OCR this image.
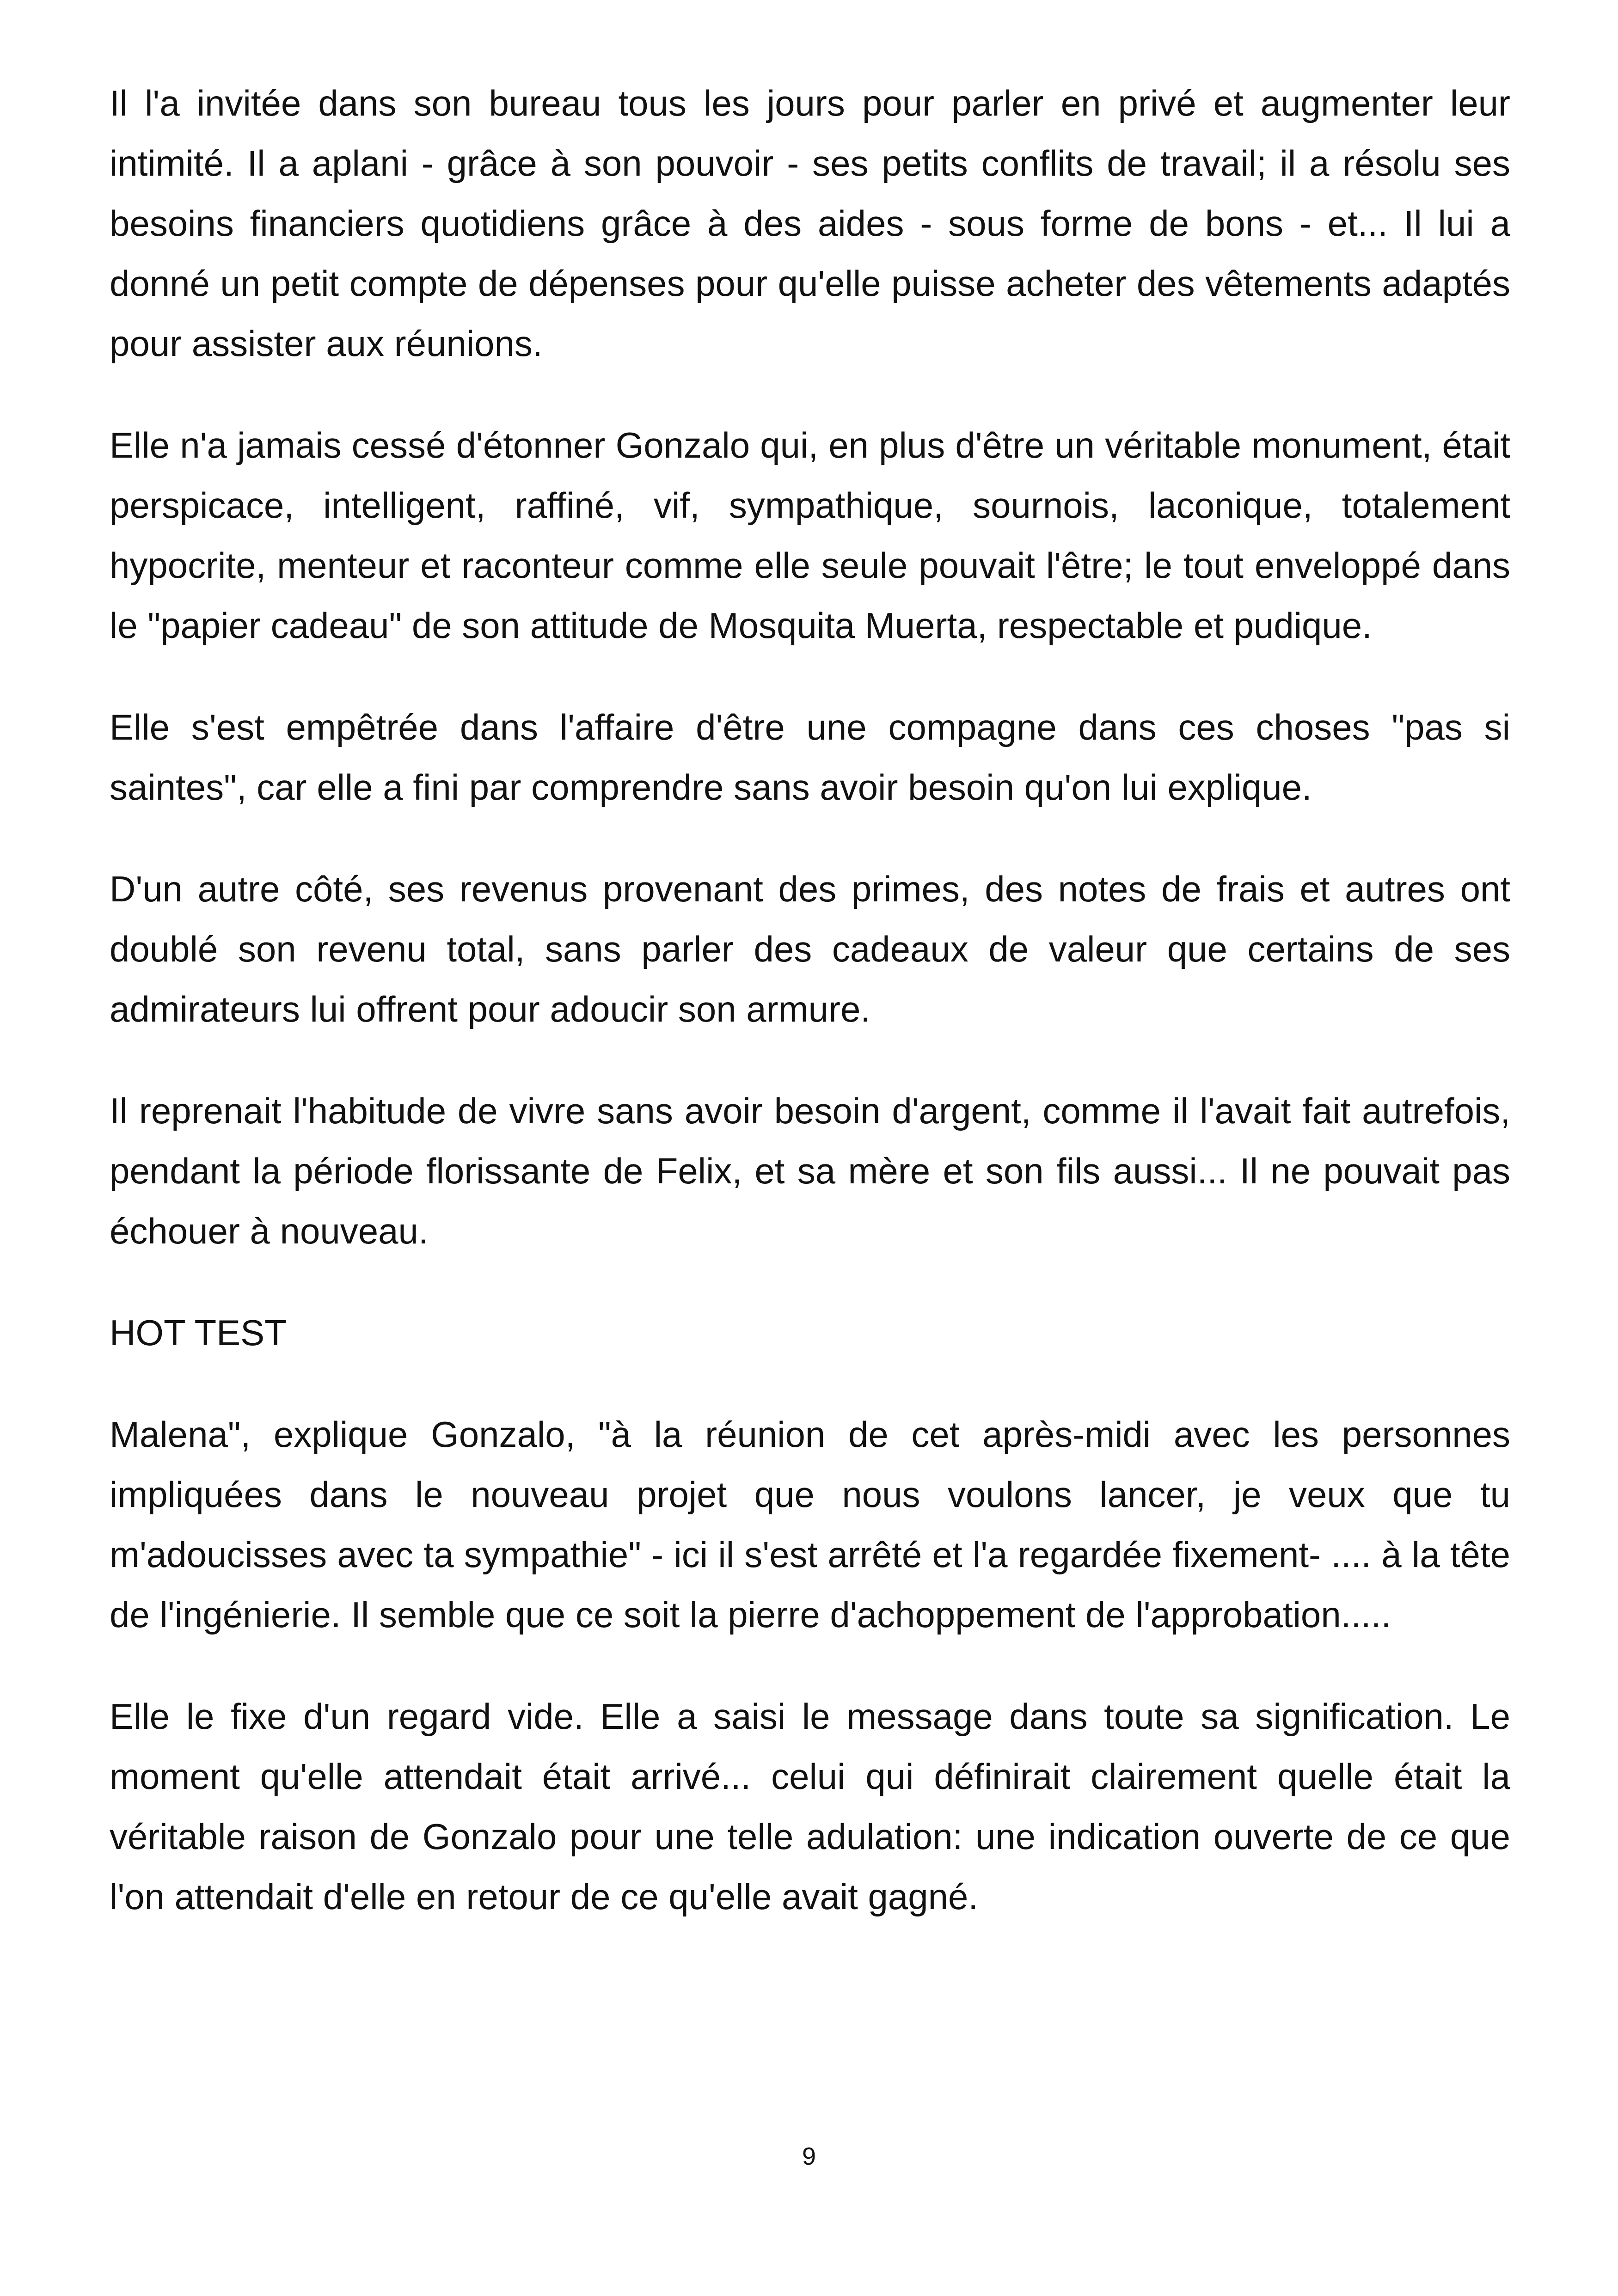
Il l'a invitée dans son bureau tous les jours pour parler en privé et augmenter leur intimité. Il a aplani - grâce à son pouvoir - ses petits conflits de travail; il a résolu ses besoins financiers quotidiens grâce à des aides - sous forme de bons - et... Il lui a donné un petit compte de dépenses pour qu'elle puisse acheter des vêtements adaptés pour assister aux réunions.

Elle n'a jamais cessé d'étonner Gonzalo qui, en plus d'être un véritable monument, était perspicace, intelligent, raffiné, vif, sympathique, sournois, laconique, totalement hypocrite, menteur et raconteur comme elle seule pouvait l'être; le tout enveloppé dans le "papier cadeau" de son attitude de Mosquita Muerta, respectable et pudique.

Elle s'est empêtrée dans l'affaire d'être une compagne dans ces choses "pas si saintes", car elle a fini par comprendre sans avoir besoin qu'on lui explique.

D'un autre côté, ses revenus provenant des primes, des notes de frais et autres ont doublé son revenu total, sans parler des cadeaux de valeur que certains de ses admirateurs lui offrent pour adoucir son armure.

Il reprenait l'habitude de vivre sans avoir besoin d'argent, comme il l'avait fait autrefois, pendant la période florissante de Felix, et sa mère et son fils aussi... Il ne pouvait pas échouer à nouveau.

HOT TEST

Malena", explique Gonzalo, "à la réunion de cet après-midi avec les personnes impliquées dans le nouveau projet que nous voulons lancer, je veux que tu m'adoucisses avec ta sympathie" - ici il s'est arrêté et l'a regardée fixement- .... à la tête de l'ingénierie. Il semble que ce soit la pierre d'achoppement de l'approbation.....

Elle le fixe d'un regard vide. Elle a saisi le message dans toute sa signification. Le moment qu'elle attendait était arrivé... celui qui définirait clairement quelle était la véritable raison de Gonzalo pour une telle adulation: une indication ouverte de ce que l'on attendait d'elle en retour de ce qu'elle avait gagné.

9
